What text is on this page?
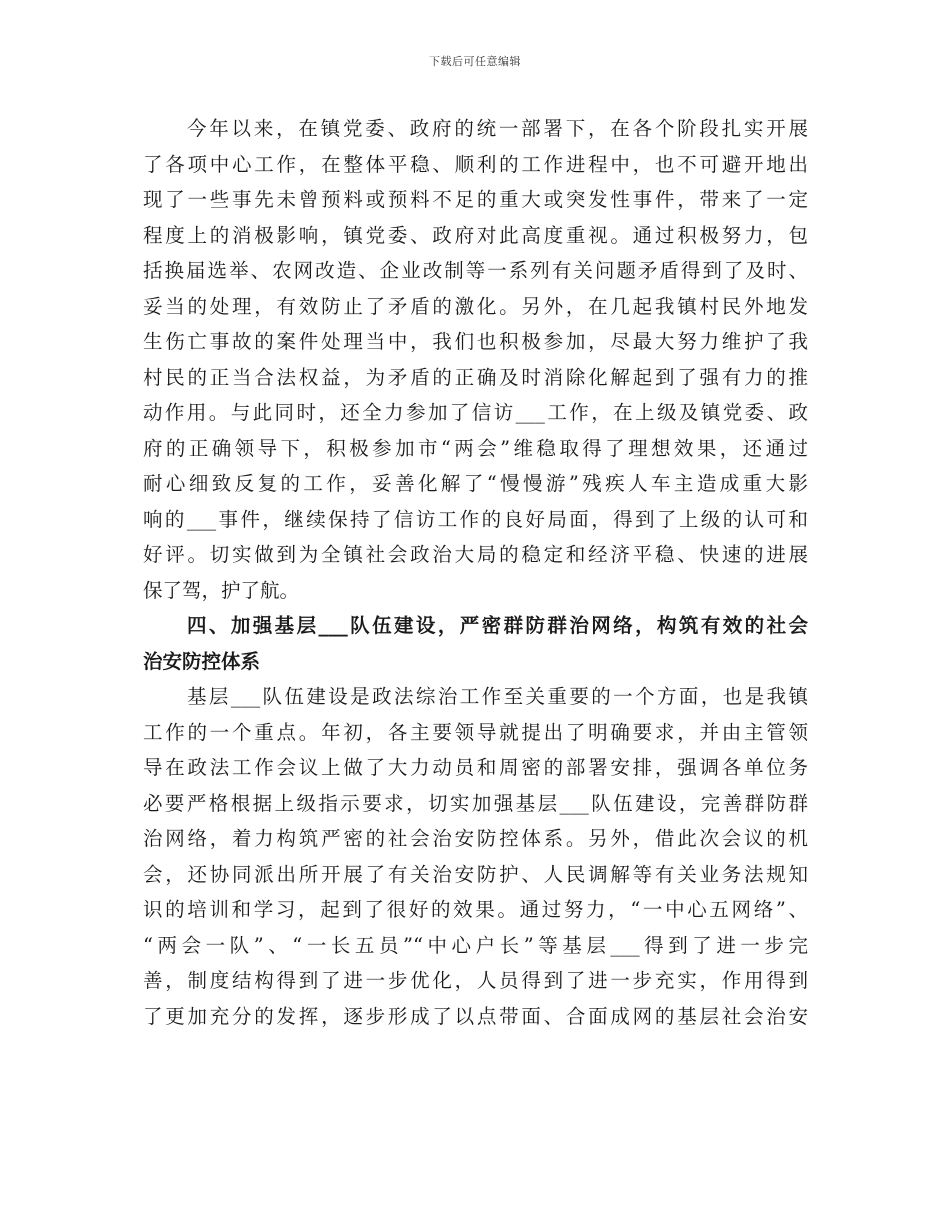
下载后可任意编辑
今年以来，在镇党委、政府的统一部署下，在各个阶段扎实开展
了各项中心工作，在整体平稳、顺利的工作进程中，也不可避开地出
现了一些事先未曾预料或预料不足的重大或突发性事件，带来了一定
程度上的消极影响，镇党委、政府对此高度重视。通过积极努力，包
括换届选举、农网改造、企业改制等一系列有关问题矛盾得到了及时、
妥当的处理，有效防止了矛盾的激化。另外，在几起我镇村民外地发
生伤亡事故的案件处理当中，我们也积极参加，尽最大努力维护了我
村民的正当合法权益，为矛盾的正确及时消除化解起到了强有力的推
动作用。与此同时，还全力参加了信访___工作，在上级及镇党委、政
府的正确领导下，积极参加市“两会”维稳取得了理想效果，还通过
耐心细致反复的工作，妥善化解了“慢慢游”残疾人车主造成重大影
响的___事件，继续保持了信访工作的良好局面，得到了上级的认可和
好评。切实做到为全镇社会政治大局的稳定和经济平稳、快速的进展
保了驾，护了航。
四、加强基层___队伍建设，严密群防群治网络，构筑有效的社会
治安防控体系
基层___队伍建设是政法综治工作至关重要的一个方面，也是我镇
工作的一个重点。年初，各主要领导就提出了明确要求，并由主管领
导在政法工作会议上做了大力动员和周密的部署安排，强调各单位务
必要严格根据上级指示要求，切实加强基层___队伍建设，完善群防群
治网络，着力构筑严密的社会治安防控体系。另外，借此次会议的机
会，还协同派出所开展了有关治安防护、人民调解等有关业务法规知
识的培训和学习，起到了很好的效果。通过努力，“一中心五网络”、
“两会一队”、“一长五员”“中心户长”等基层___得到了进一步完
善，制度结构得到了进一步优化，人员得到了进一步充实，作用得到
了更加充分的发挥，逐步形成了以点带面、合面成网的基层社会治安
